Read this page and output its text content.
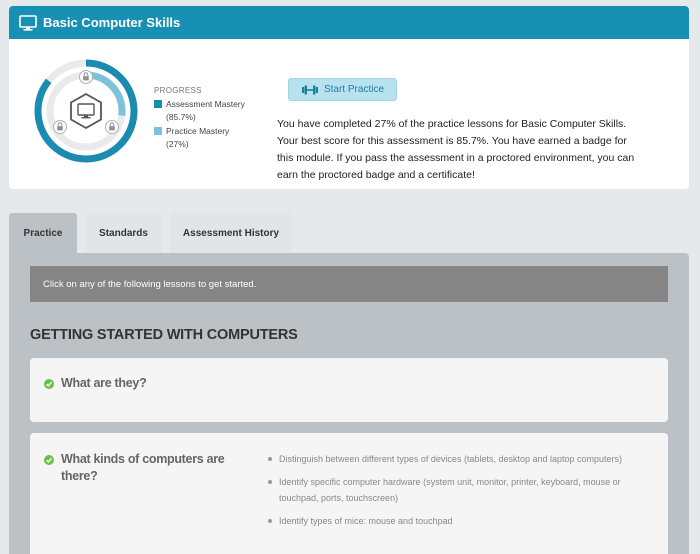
Basic Computer Skills
PROGRESS
Assessment Mastery
(85.7%)
Practice Mastery
(27%)
Start Practice
You have completed 27% of the practice lessons for Basic Computer Skills. Your best score for this assessment is 85.7%. You have earned a badge for this module. If you pass the assessment in a proctored environment, you can earn the proctored badge and a certificate!
Practice	Standards	Assessment History
Click on any of the following lessons to get started.
GETTING STARTED WITH COMPUTERS
What are they?
What kinds of computers are
there?
Distinguish between different types of devices (tablets, desktop and laptop computers)
Identify specific computer hardware (system unit, monitor, printer, keyboard, mouse or touchpad, ports, touchscreen)
Identify types of mice: mouse and touchpad
